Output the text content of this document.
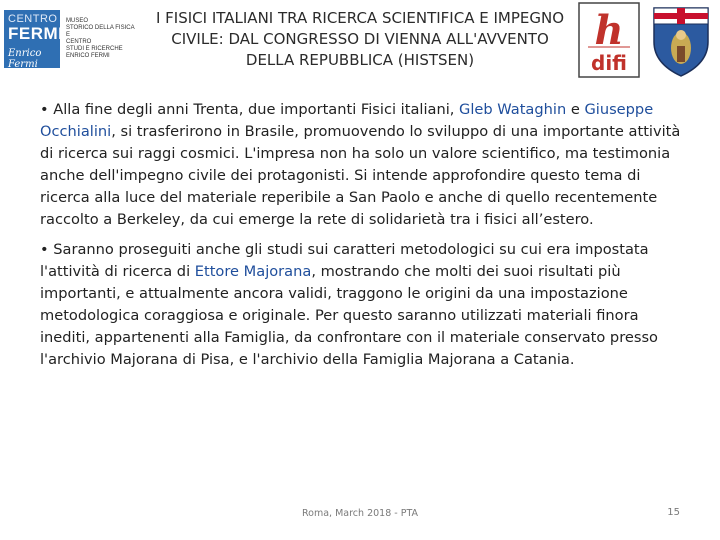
CENTRO
FERMI
Enrico Fermi
MUSEO
STORICO DELLA FISICA
E
CENTRO
STUDI E RICERCHE
ENRICO FERMI
I FISICI ITALIANI TRA RICERCA SCIENTIFICA E IMPEGNO CIVILE: DAL CONGRESSO DI VIENNA ALL'AVVENTO DELLA REPUBBLICA (HISTSEN)
h
difi

• Alla fine degli anni Trenta, due importanti Fisici italiani, Gleb Wataghin e Giuseppe Occhialini, si trasferirono in Brasile, promuovendo lo sviluppo di una importante attività di ricerca sui raggi cosmici. L'impresa non ha solo un valore scientifico, ma testimonia anche dell'impegno civile dei protagonisti. Si intende approfondire questo tema di ricerca alla luce del materiale reperibile a San Paolo e anche di quello recentemente raccolto a Berkeley, da cui emerge la rete di solidarietà tra i fisici all’estero.

• Saranno proseguiti anche gli studi sui caratteri metodologici su cui era impostata l'attività di ricerca di Ettore Majorana, mostrando che molti dei suoi risultati più importanti, e attualmente ancora validi, traggono le origini da una impostazione metodologica coraggiosa e originale. Per questo saranno utilizzati materiali finora inediti, appartenenti alla Famiglia, da confrontare con il materiale conservato presso l'archivio Majorana di Pisa, e l'archivio della Famiglia Majorana a Catania.

Roma, March 2018 - PTA	15
